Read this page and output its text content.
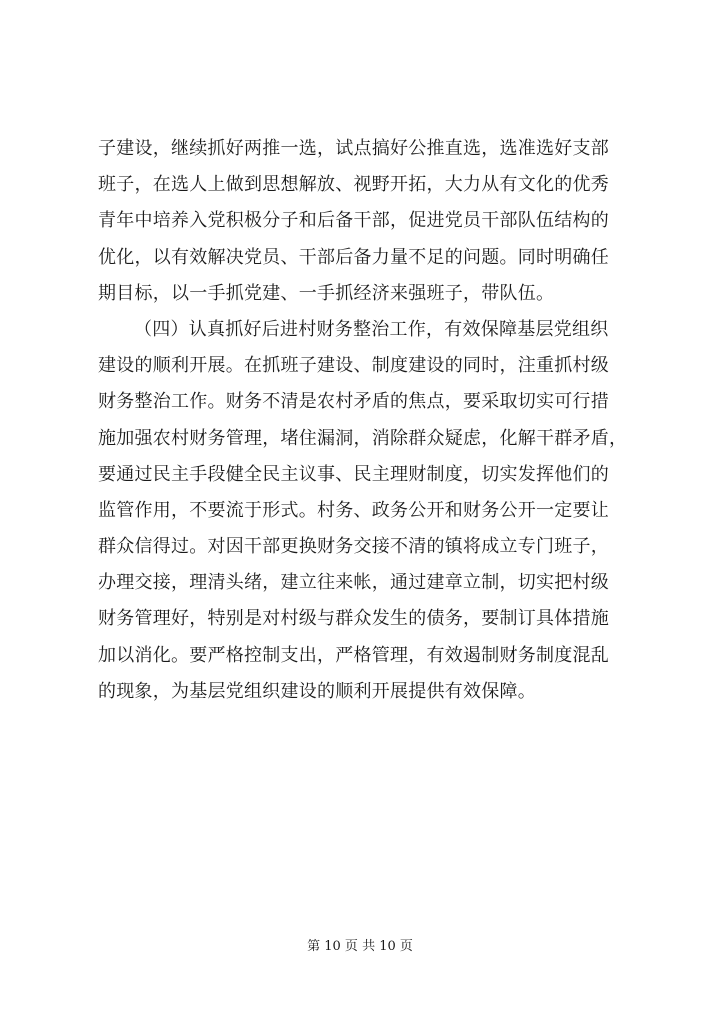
子建设，继续抓好两推一选，试点搞好公推直选，选准选好支部
班子，在选人上做到思想解放、视野开拓，大力从有文化的优秀
青年中培养入党积极分子和后备干部，促进党员干部队伍结构的
优化，以有效解决党员、干部后备力量不足的问题。同时明确任
期目标，以一手抓党建、一手抓经济来强班子，带队伍。
（四）认真抓好后进村财务整治工作，有效保障基层党组织
建设的顺利开展。在抓班子建设、制度建设的同时，注重抓村级
财务整治工作。财务不清是农村矛盾的焦点，要采取切实可行措
施加强农村财务管理，堵住漏洞，消除群众疑虑，化解干群矛盾，
要通过民主手段健全民主议事、民主理财制度，切实发挥他们的
监管作用，不要流于形式。村务、政务公开和财务公开一定要让
群众信得过。对因干部更换财务交接不清的镇将成立专门班子，
办理交接，理清头绪，建立往来帐，通过建章立制，切实把村级
财务管理好，特别是对村级与群众发生的债务，要制订具体措施
加以消化。要严格控制支出，严格管理，有效遏制财务制度混乱
的现象，为基层党组织建设的顺利开展提供有效保障。
第 10 页 共 10 页
